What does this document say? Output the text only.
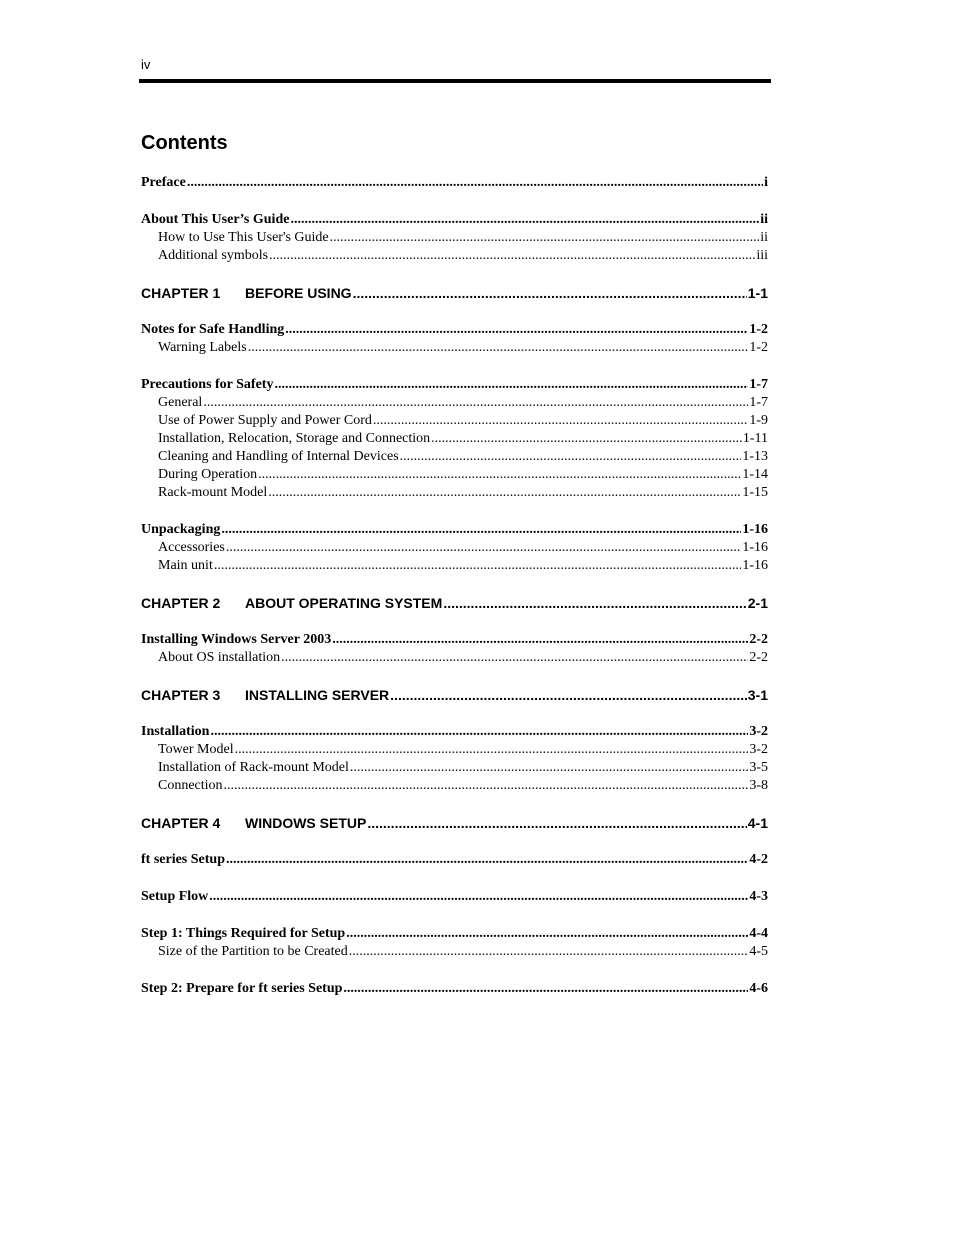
iv
Contents
Preface .....	i
About This User’s Guide .....	ii
How to Use This User's Guide .....	ii
Additional symbols .....	iii
CHAPTER 1 BEFORE USING .....	1-1
Notes for Safe Handling .....	1-2
Warning Labels .....	1-2
Precautions for Safety .....	1-7
General .....	1-7
Use of Power Supply and Power Cord .....	1-9
Installation, Relocation, Storage and Connection .....	1-11
Cleaning and Handling of Internal Devices .....	1-13
During Operation .....	1-14
Rack-mount Model .....	1-15
Unpackaging .....	1-16
Accessories .....	1-16
Main unit .....	1-16
CHAPTER 2 ABOUT OPERATING SYSTEM .....	2-1
Installing Windows Server 2003 .....	2-2
About OS installation .....	2-2
CHAPTER 3 INSTALLING SERVER .....	3-1
Installation .....	3-2
Tower Model .....	3-2
Installation of Rack-mount Model .....	3-5
Connection .....	3-8
CHAPTER 4 WINDOWS SETUP .....	4-1
ft series Setup .....	4-2
Setup Flow .....	4-3
Step 1: Things Required for Setup .....	4-4
Size of the Partition to be Created .....	4-5
Step 2: Prepare for ft series Setup .....	4-6
